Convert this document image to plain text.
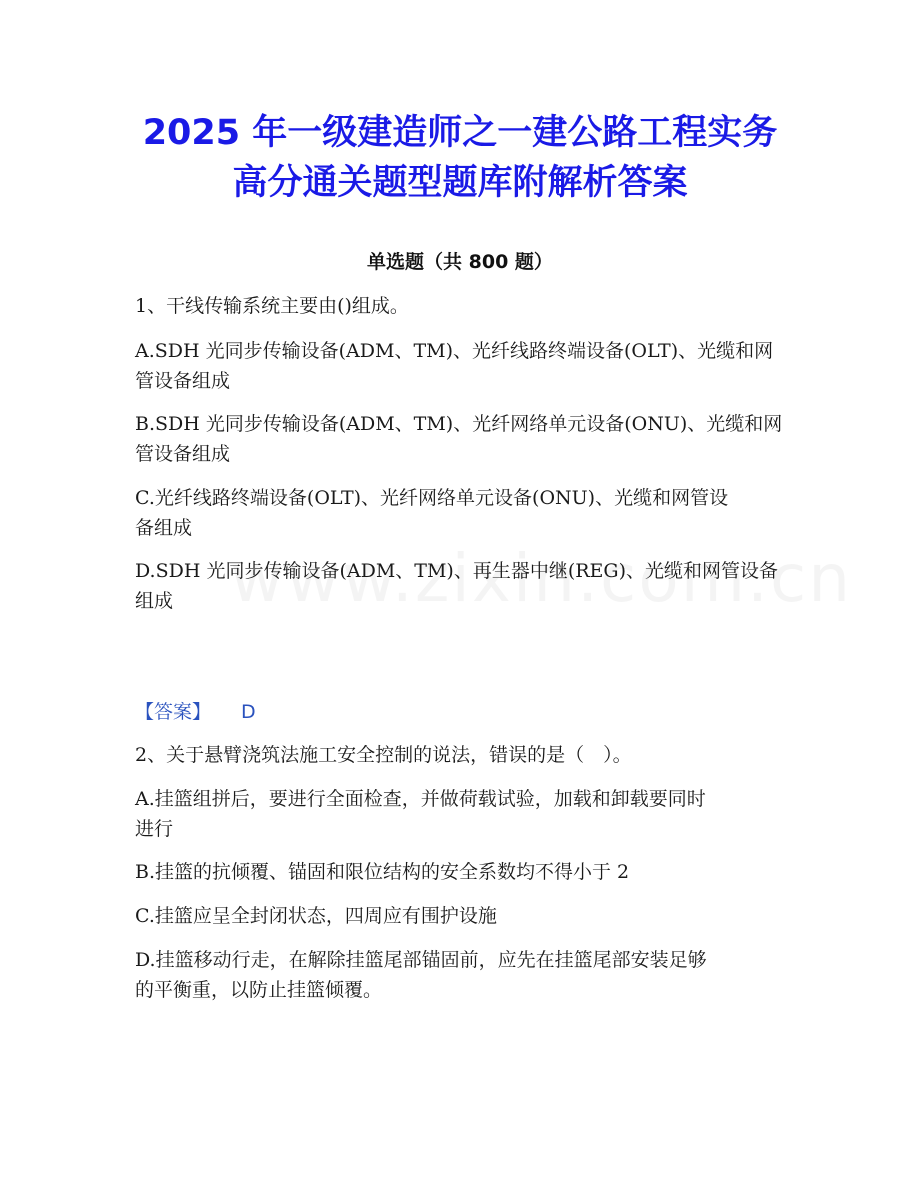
2025 年一级建造师之一建公路工程实务
高分通关题型题库附解析答案
单选题（共 800 题）

1、干线传输系统主要由()组成。

A.SDH 光同步传输设备(ADM、TM)、光纤线路终端设备(OLT)、光缆和网

管设备组成

B.SDH 光同步传输设备(ADM、TM)、光纤网络单元设备(ONU)、光缆和网

管设备组成

C.光纤线路终端设备(OLT)、光纤网络单元设备(ONU)、光缆和网管设

备组成

D.SDH 光同步传输设备(ADM、TM)、再生器中继(REG)、光缆和网管设备

组成

【答案】 D

2、关于悬臂浇筑法施工安全控制的说法，错误的是（　）。

A.挂篮组拼后，要进行全面检查，并做荷载试验，加载和卸载要同时

进行

B.挂篮的抗倾覆、锚固和限位结构的安全系数均不得小于 2

C.挂篮应呈全封闭状态，四周应有围护设施

D.挂篮移动行走，在解除挂篮尾部锚固前，应先在挂篮尾部安装足够

的平衡重，以防止挂篮倾覆。
